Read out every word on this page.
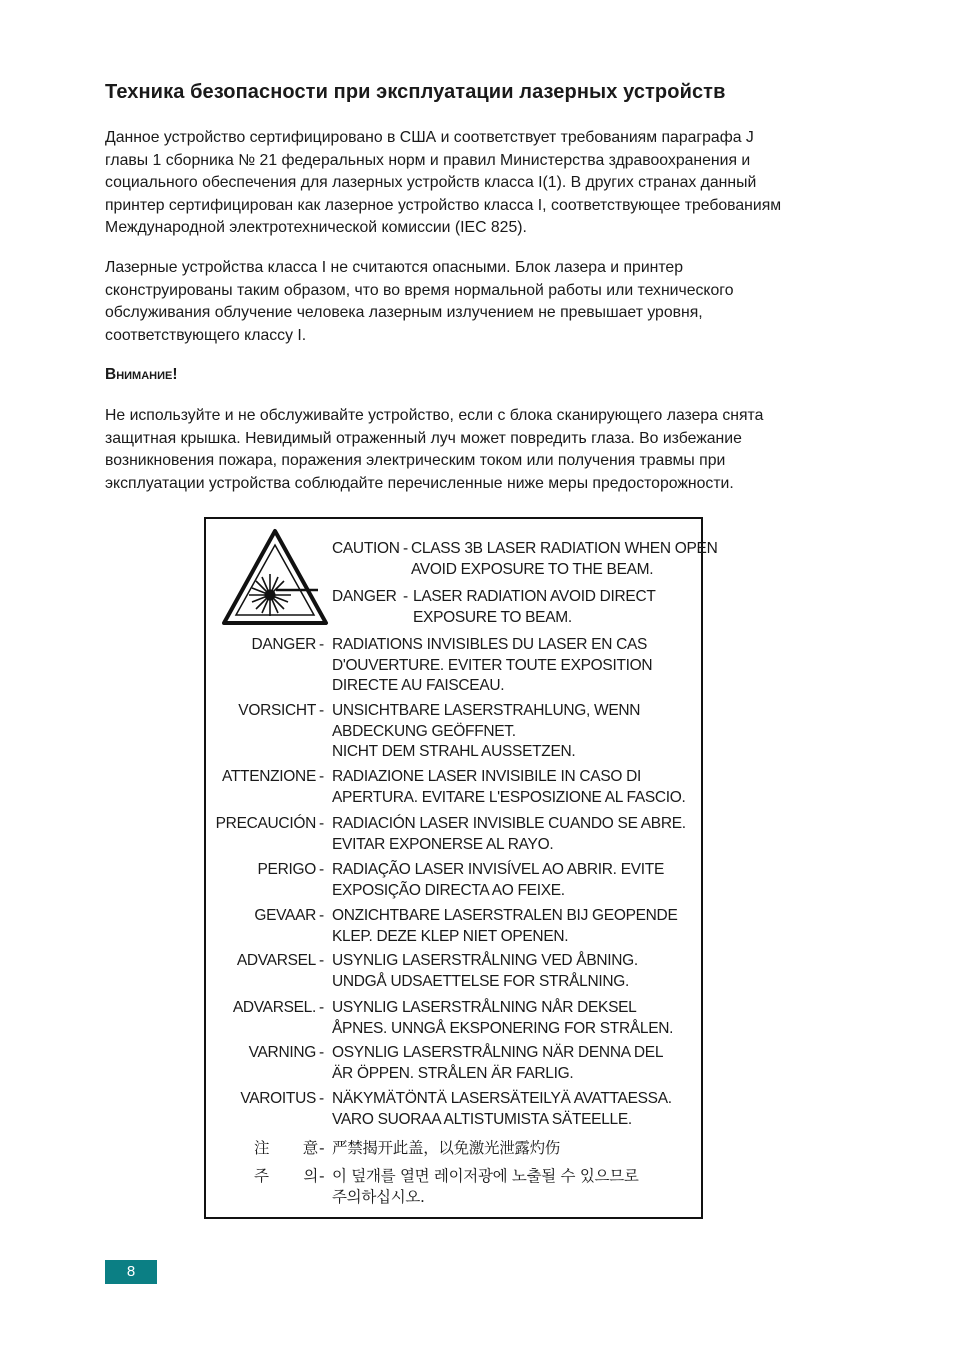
Техника безопасности при эксплуатации лазерных устройств

Данное устройство сертифицировано в США и соответствует требованиям параграфа J
главы 1 сборника № 21 федеральных норм и правил Министерства здравоохранения и
социального обеспечения для лазерных устройств класса I(1). В других странах данный
принтер сертифицирован как лазерное устройство класса I, соответствующее требованиям
Международной электротехнической комиссии (IEC 825).

Лазерные устройства класса I не считаются опасными. Блок лазера и принтер
сконструированы таким образом, что во время нормальной работы или технического
обслуживания облучение человека лазерным излучением не превышает уровня,
соответствующего классу I.

Внимание!

Не используйте и не обслуживайте устройство, если с блока сканирующего лазера снята
защитная крышка. Невидимый отраженный луч может повредить глаза. Во избежание
возникновения пожара, поражения электрическим током или получения травмы при
эксплуатации устройства соблюдайте перечисленные ниже меры предосторожности.

CAUTION - CLASS 3B LASER RADIATION WHEN OPEN
AVOID EXPOSURE TO THE BEAM.
DANGER - LASER RADIATION AVOID DIRECT
EXPOSURE TO BEAM.
DANGER - RADIATIONS INVISIBLES DU LASER EN CAS
D'OUVERTURE. EVITER TOUTE EXPOSITION
DIRECTE AU FAISCEAU.
VORSICHT - UNSICHTBARE LASERSTRAHLUNG, WENN
ABDECKUNG GEÖFFNET.
NICHT DEM STRAHL AUSSETZEN.
ATTENZIONE - RADIAZIONE LASER INVISIBILE IN CASO DI
APERTURA. EVITARE L'ESPOSIZIONE AL FASCIO.
PRECAUCIÓN - RADIACIÓN LASER INVISIBLE CUANDO SE ABRE.
EVITAR EXPONERSE AL RAYO.
PERIGO - RADIAÇÃO LASER INVISÍVEL AO ABRIR. EVITE
EXPOSIÇÃO DIRECTA AO FEIXE.
GEVAAR - ONZICHTBARE LASERSTRALEN BIJ GEOPENDE
KLEP. DEZE KLEP NIET OPENEN.
ADVARSEL - USYNLIG LASERSTRÅLNING VED ÅBNING.
UNDGÅ UDSAETTELSE FOR STRÅLNING.
ADVARSEL. - USYNLIG LASERSTRÅLNING NÅR DEKSEL
ÅPNES. UNNGÅ EKSPONERING FOR STRÅLEN.
VARNING - OSYNLIG LASERSTRÅLNING NÄR DENNA DEL
ÄR ÖPPEN. STRÅLEN ÄR FARLIG.
VAROITUS - NÄKYMÄTÖNTÄ LASERSÄTEILYÄ AVATTAESSA.
VARO SUORAA ALTISTUMISTA SÄTEELLE.
注 意 - 严禁揭开此盖，以免激光泄露灼伤
주 의 - 이 덮개를 열면 레이저광에 노출될 수 있으므로
주의하십시오.
8
